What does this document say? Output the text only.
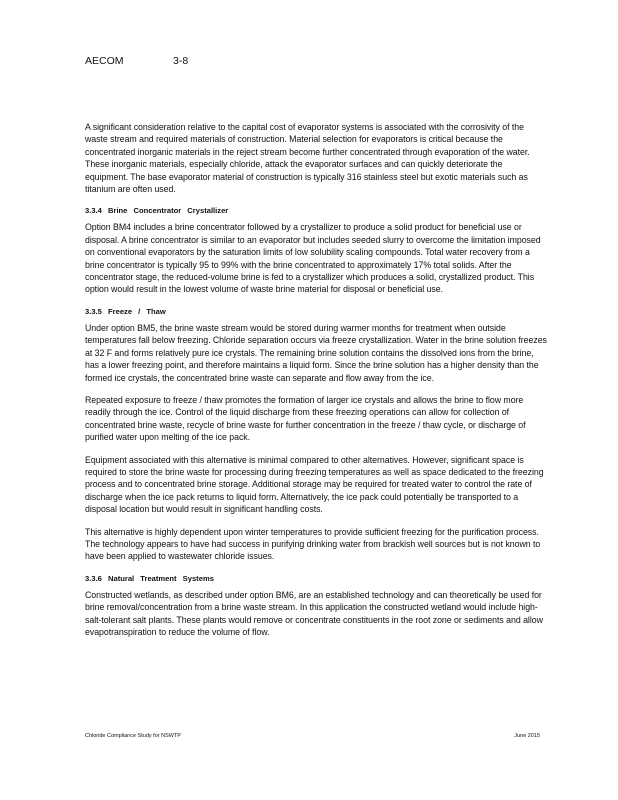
AECOM	3-8

A significant consideration relative to the capital cost of evaporator systems is associated with the corrosivity of the waste stream and required materials of construction. Material selection for evaporators is critical because the concentrated inorganic materials in the reject stream become further concentrated through evaporation of the water. These inorganic materials, especially chloride, attack the evaporator surfaces and can quickly deteriorate the equipment. The base evaporator material of construction is typically 316 stainless steel but exotic materials such as titanium are often used.

3.3.4 Brine Concentrator Crystallizer

Option BM4 includes a brine concentrator followed by a crystallizer to produce a solid product for beneficial use or disposal. A brine concentrator is similar to an evaporator but includes seeded slurry to overcome the limitation imposed on conventional evaporators by the saturation limits of low solubility scaling compounds. Total water recovery from a brine concentrator is typically 95 to 99% with the brine concentrated to approximately 17% total solids. After the concentrator stage, the reduced-volume brine is fed to a crystallizer which produces a solid, crystallized product. This option would result in the lowest volume of waste brine material for disposal or beneficial use.

3.3.5 Freeze / Thaw

Under option BM5, the brine waste stream would be stored during warmer months for treatment when outside temperatures fall below freezing. Chloride separation occurs via freeze crystallization. Water in the brine solution freezes at 32 F and forms relatively pure ice crystals. The remaining brine solution contains the dissolved ions from the brine, has a lower freezing point, and therefore maintains a liquid form. Since the brine solution has a higher density than the formed ice crystals, the concentrated brine waste can separate and flow away from the ice.

Repeated exposure to freeze / thaw promotes the formation of larger ice crystals and allows the brine to flow more readily through the ice. Control of the liquid discharge from these freezing operations can allow for collection of concentrated brine waste, recycle of brine waste for further concentration in the freeze / thaw cycle, or discharge of purified water upon melting of the ice pack.

Equipment associated with this alternative is minimal compared to other alternatives. However, significant space is required to store the brine waste for processing during freezing temperatures as well as space dedicated to the freezing process and to concentrated brine storage. Additional storage may be required for treated water to control the rate of discharge when the ice pack returns to liquid form. Alternatively, the ice pack could potentially be transported to a disposal location but would result in significant handling costs.

This alternative is highly dependent upon winter temperatures to provide sufficient freezing for the purification process. The technology appears to have had success in purifying drinking water from brackish well sources but is not known to have been applied to wastewater chloride issues.

3.3.6 Natural Treatment Systems

Constructed wetlands, as described under option BM6, are an established technology and can theoretically be used for brine removal/concentration from a brine waste stream. In this application the constructed wetland would include high-salt-tolerant salt plants. These plants would remove or concentrate constituents in the root zone or sediments and allow evapotranspiration to reduce the volume of flow.

Chloride Compliance Study for NSWTP	June 2015
